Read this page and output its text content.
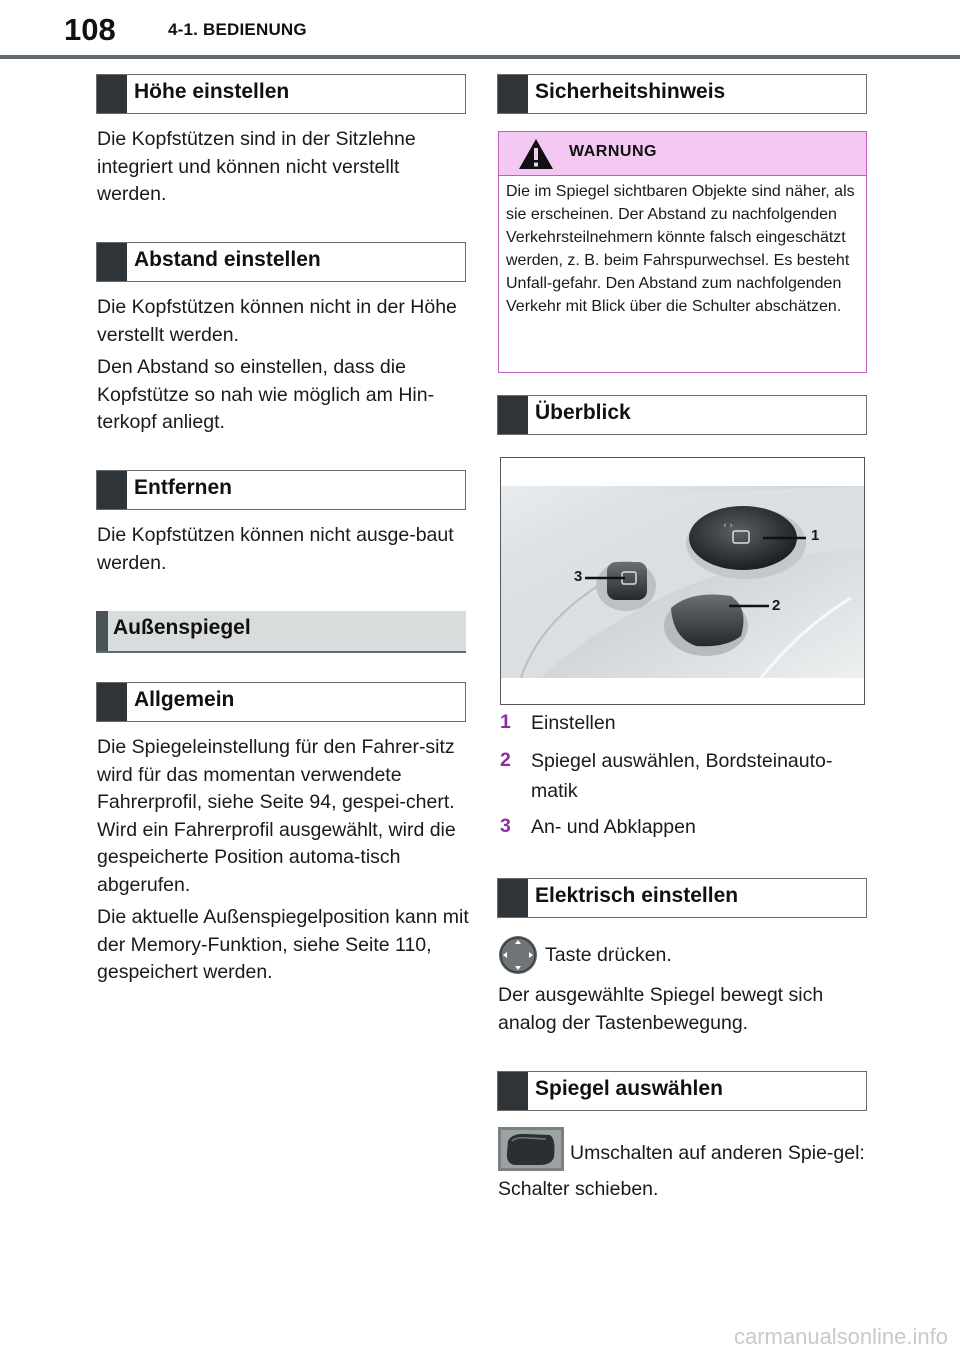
108	4-1. BEDIENUNG
Höhe einstellen
Die Kopfstützen sind in der Sitzlehne integriert und können nicht verstellt werden.
Abstand einstellen
Die Kopfstützen können nicht in der Höhe verstellt werden.
Den Abstand so einstellen, dass die Kopfstütze so nah wie möglich am Hin-terkopf anliegt.
Entfernen
Die Kopfstützen können nicht ausge-baut werden.
Außenspiegel
Allgemein
Die Spiegeleinstellung für den Fahrer-sitz wird für das momentan verwendete Fahrerprofil, siehe Seite 94, gespei-chert. Wird ein Fahrerprofil ausgewählt, wird die gespeicherte Position automa-tisch abgerufen.
Die aktuelle Außenspiegelposition kann mit der Memory-Funktion, siehe Seite 110, gespeichert werden.
Sicherheitshinweis
WARNUNG
Die im Spiegel sichtbaren Objekte sind näher, als sie erscheinen. Der Abstand zu nachfolgenden Verkehrsteilnehmern könnte falsch eingeschätzt werden, z. B. beim Fahrspurwechsel. Es besteht Unfall-gefahr. Den Abstand zum nachfolgenden Verkehr mit Blick über die Schulter abschätzen.
Überblick
‹ ›
1
2
3
1 Einstellen
2 Spiegel auswählen, Bordsteinauto-matik
3 An- und Abklappen
Elektrisch einstellen
Taste drücken.
Der ausgewählte Spiegel bewegt sich analog der Tastenbewegung.
Spiegel auswählen
Umschalten auf anderen Spie-gel: Schalter schieben.
carmanualsonline.info
